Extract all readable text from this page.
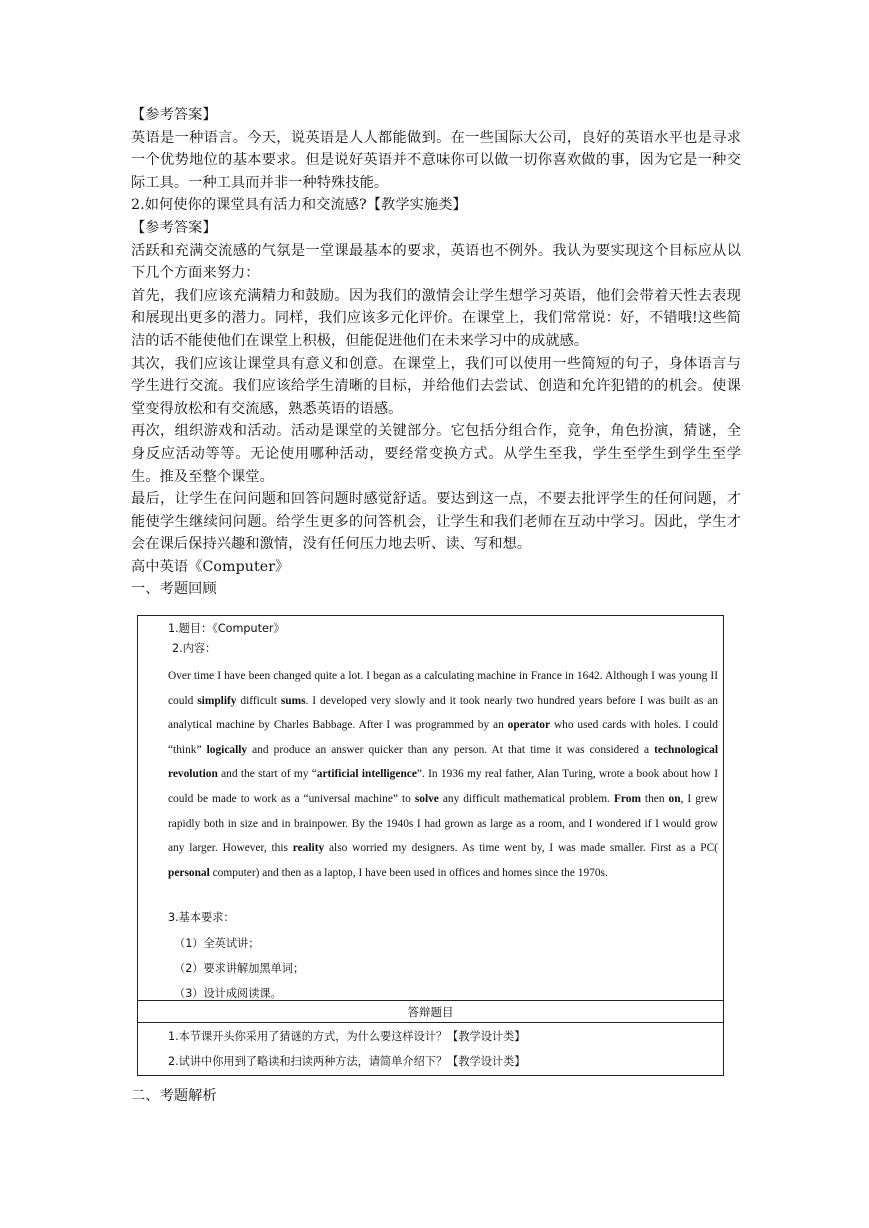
【参考答案】

英语是一种语言。今天，说英语是人人都能做到。在一些国际大公司，良好的英语水平也是寻求一个优势地位的基本要求。但是说好英语并不意味你可以做一切你喜欢做的事，因为它是一种交际工具。一种工具而并非一种特殊技能。

2.如何使你的课堂具有活力和交流感?【教学实施类】

【参考答案】

活跃和充满交流感的气氛是一堂课最基本的要求，英语也不例外。我认为要实现这个目标应从以下几个方面来努力：

首先，我们应该充满精力和鼓励。因为我们的激情会让学生想学习英语，他们会带着天性去表现和展现出更多的潜力。同样，我们应该多元化评价。在课堂上，我们常常说：好，不错哦!这些简洁的话不能使他们在课堂上积极，但能促进他们在未来学习中的成就感。

其次，我们应该让课堂具有意义和创意。在课堂上，我们可以使用一些简短的句子，身体语言与学生进行交流。我们应该给学生清晰的目标，并给他们去尝试、创造和允许犯错的的机会。使课堂变得放松和有交流感，熟悉英语的语感。

再次，组织游戏和活动。活动是课堂的关键部分。它包括分组合作，竞争，角色扮演，猜谜，全身反应活动等等。无论使用哪种活动，要经常变换方式。从学生至我，学生至学生到学生至学生。推及至整个课堂。

最后，让学生在问问题和回答问题时感觉舒适。要达到这一点，不要去批评学生的任何问题，才能使学生继续问问题。给学生更多的问答机会，让学生和我们老师在互动中学习。因此，学生才会在课后保持兴趣和激情，没有任何压力地去听、读、写和想。

高中英语《Computer》

一、考题回顾

1.题目：《Computer》
2.内容：
Over time I have been changed quite a lot. I began as a calculating machine in France in 1642. Although I was young II could simplify difficult sums. I developed very slowly and it took nearly two hundred years before I was built as an analytical machine by Charles Babbage. After I was programmed by an operator who used cards with holes. I could “think” logically and produce an answer quicker than any person. At that time it was considered a technological revolution and the start of my “artificial intelligence”. In 1936 my real father, Alan Turing, wrote a book about how I could be made to work as a “universal machine” to solve any difficult mathematical problem. From then on, I grew rapidly both in size and in brainpower. By the 1940s I had grown as large as a room, and I wondered if I would grow any larger. However, this reality also worried my designers. As time went by, I was made smaller. First as a PC( personal computer) and then as a laptop, I have been used in offices and homes since the 1970s.
3.基本要求：
（1）全英试讲；
（2）要求讲解加黑单词；
（3）设计成阅读课。
答辩题目
1.本节课开头你采用了猜谜的方式，为什么要这样设计？【教学设计类】
2.试讲中你用到了略读和扫读两种方法，请简单介绍下？【教学设计类】
二、考题解析
